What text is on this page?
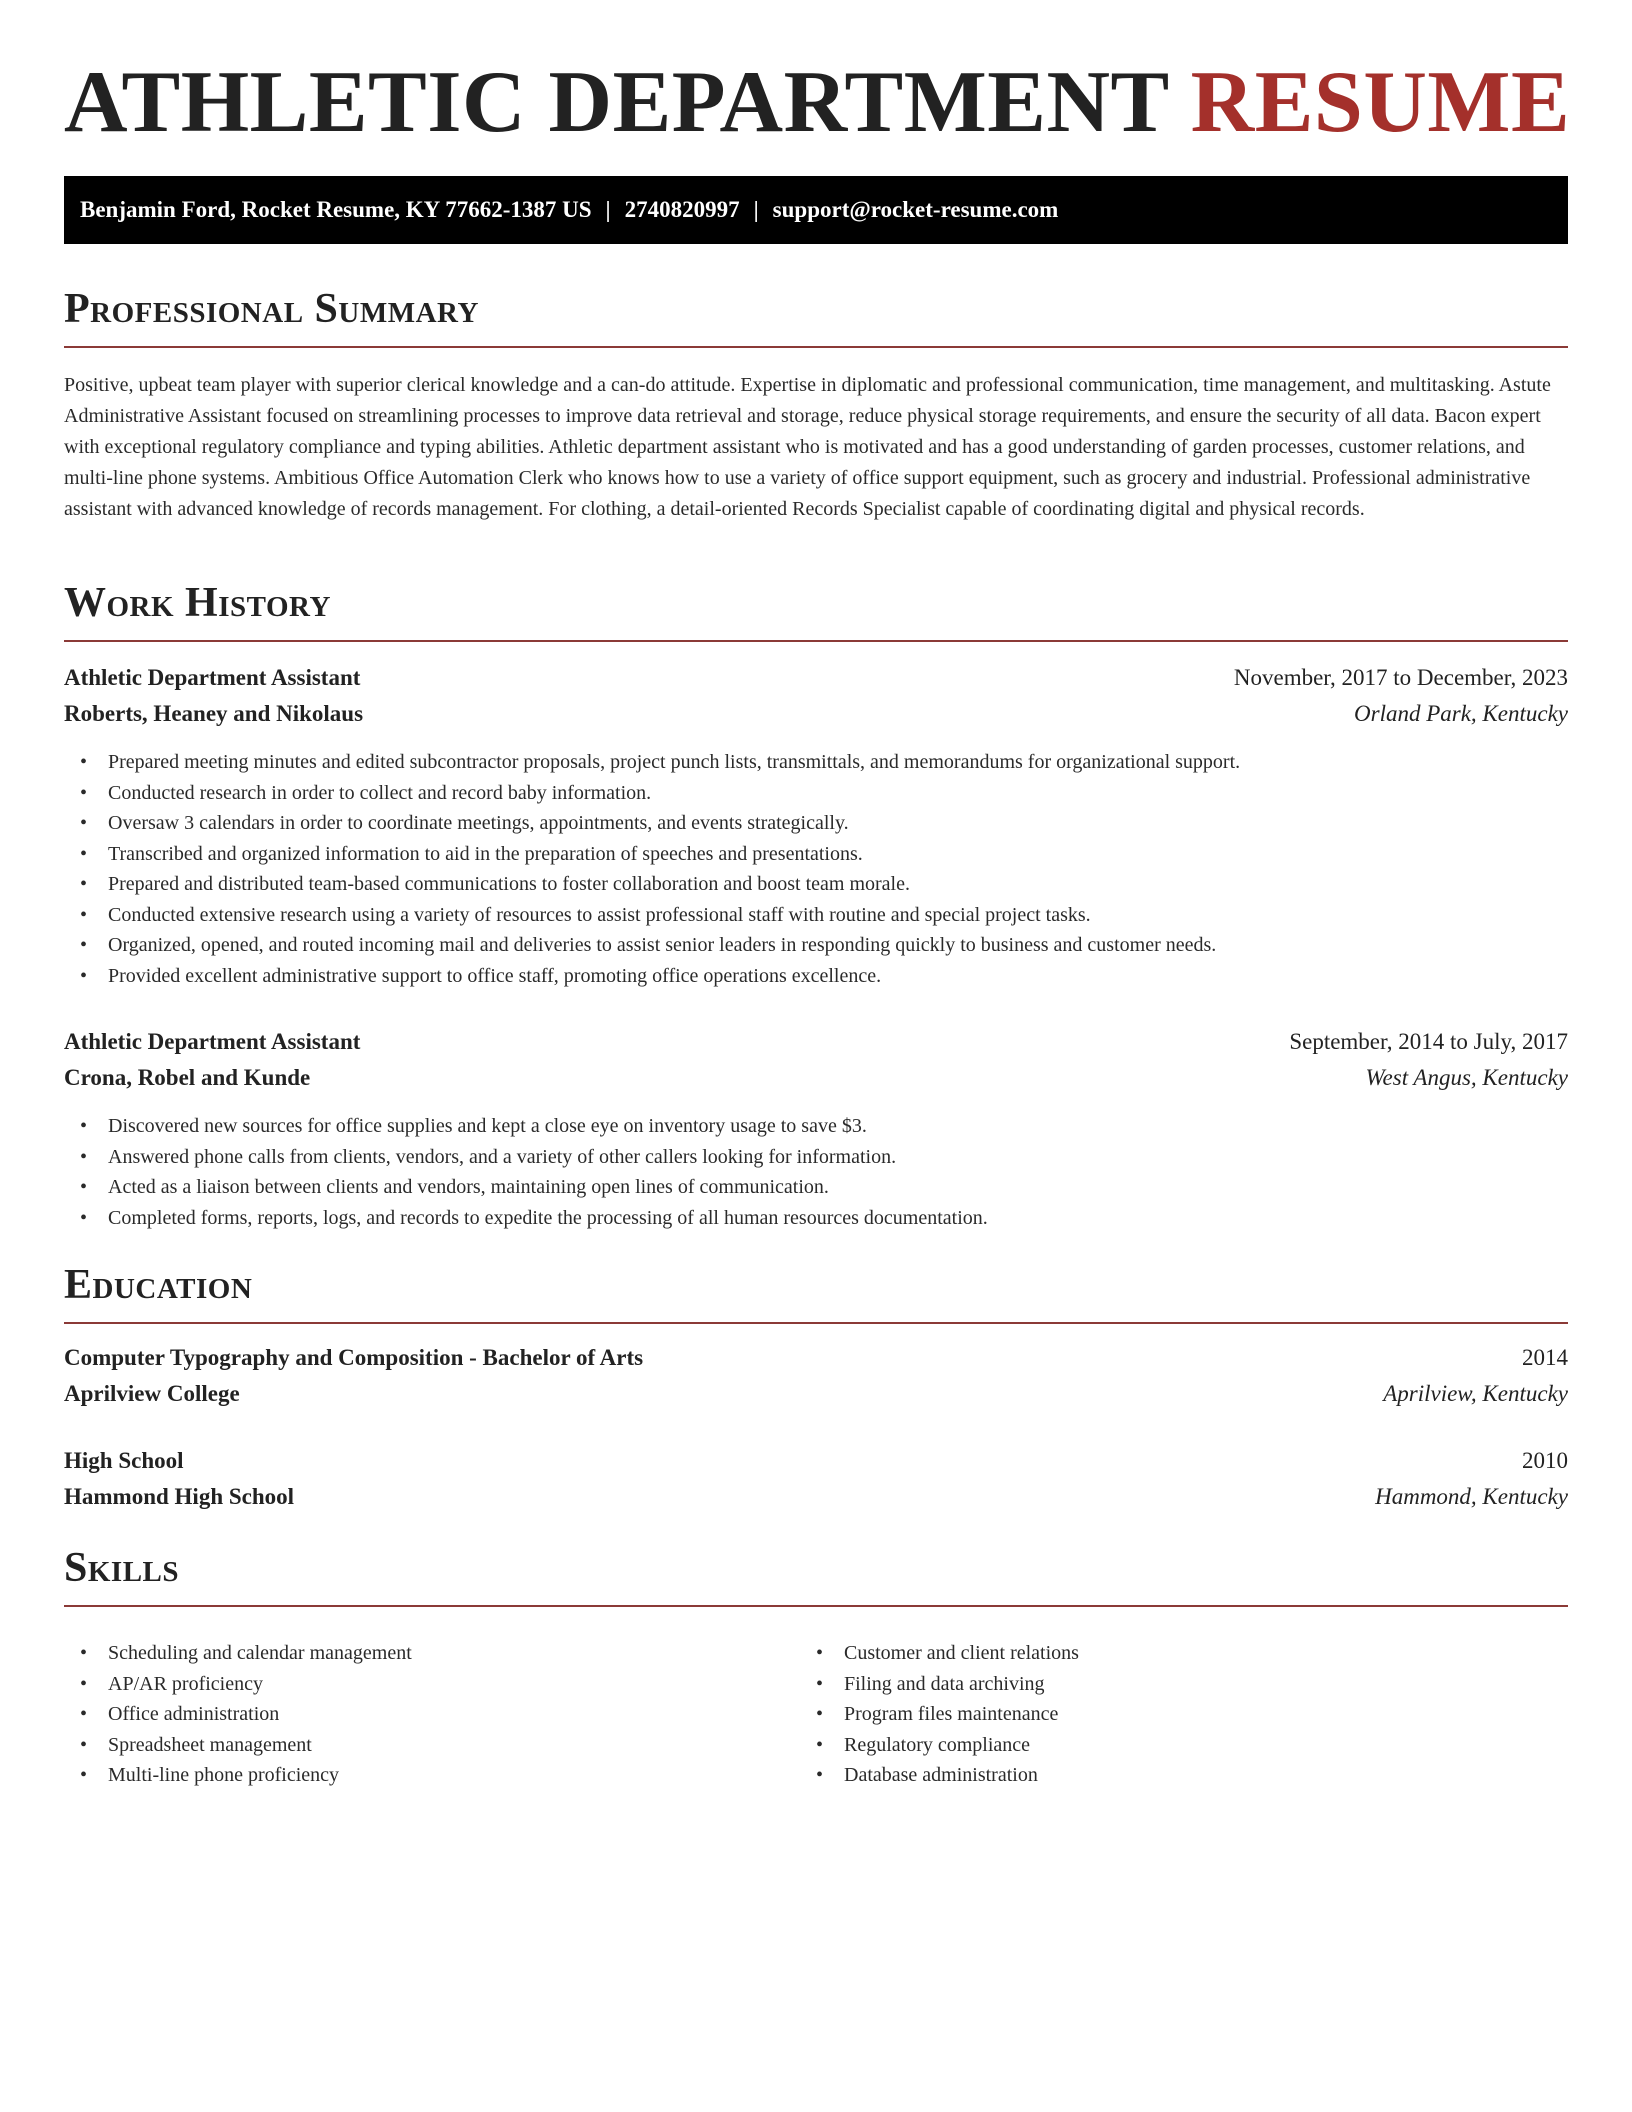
ATHLETIC DEPARTMENT RESUME
Benjamin Ford, Rocket Resume, KY 77662-1387 US | 2740820997 | support@rocket-resume.com
Professional Summary

Positive, upbeat team player with superior clerical knowledge and a can-do attitude. Expertise in diplomatic and professional communication, time management, and multitasking. Astute Administrative Assistant focused on streamlining processes to improve data retrieval and storage, reduce physical storage requirements, and ensure the security of all data. Bacon expert with exceptional regulatory compliance and typing abilities. Athletic department assistant who is motivated and has a good understanding of garden processes, customer relations, and multi-line phone systems. Ambitious Office Automation Clerk who knows how to use a variety of office support equipment, such as grocery and industrial. Professional administrative assistant with advanced knowledge of records management. For clothing, a detail-oriented Records Specialist capable of coordinating digital and physical records.

Work History
Athletic Department Assistant	November, 2017 to December, 2023
Roberts, Heaney and Nikolaus	Orland Park, Kentucky
• Prepared meeting minutes and edited subcontractor proposals, project punch lists, transmittals, and memorandums for organizational support.
• Conducted research in order to collect and record baby information.
• Oversaw 3 calendars in order to coordinate meetings, appointments, and events strategically.
• Transcribed and organized information to aid in the preparation of speeches and presentations.
• Prepared and distributed team-based communications to foster collaboration and boost team morale.
• Conducted extensive research using a variety of resources to assist professional staff with routine and special project tasks.
• Organized, opened, and routed incoming mail and deliveries to assist senior leaders in responding quickly to business and customer needs.
• Provided excellent administrative support to office staff, promoting office operations excellence.
Athletic Department Assistant	September, 2014 to July, 2017
Crona, Robel and Kunde	West Angus, Kentucky
• Discovered new sources for office supplies and kept a close eye on inventory usage to save $3.
• Answered phone calls from clients, vendors, and a variety of other callers looking for information.
• Acted as a liaison between clients and vendors, maintaining open lines of communication.
• Completed forms, reports, logs, and records to expedite the processing of all human resources documentation.
Education
Computer Typography and Composition - Bachelor of Arts	2014
Aprilview College	Aprilview, Kentucky
High School	2010
Hammond High School	Hammond, Kentucky
Skills
• Scheduling and calendar management
• AP/AR proficiency
• Office administration
• Spreadsheet management
• Multi-line phone proficiency
• Customer and client relations
• Filing and data archiving
• Program files maintenance
• Regulatory compliance
• Database administration
